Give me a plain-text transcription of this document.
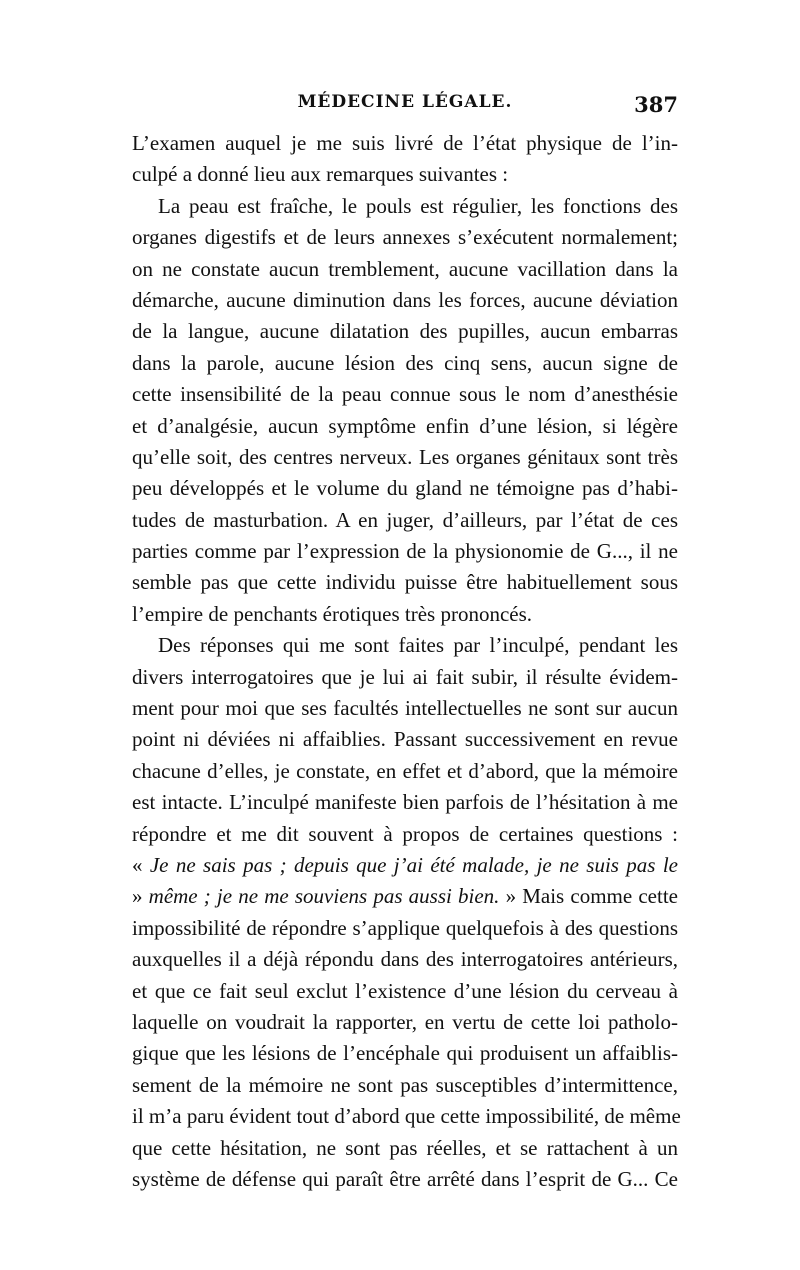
MÉDECINE LÉGALE.	387
L’examen auquel je me suis livré de l’état physique de l’in-
culpé a donné lieu aux remarques suivantes :
La peau est fraîche, le pouls est régulier, les fonctions des
organes digestifs et de leurs annexes s’exécutent normalement;
on ne constate aucun tremblement, aucune vacillation dans la
démarche, aucune diminution dans les forces, aucune déviation
de la langue, aucune dilatation des pupilles, aucun embarras
dans la parole, aucune lésion des cinq sens, aucun signe de
cette insensibilité de la peau connue sous le nom d’anesthésie
et d’analgésie, aucun symptôme enfin d’une lésion, si légère
qu’elle soit, des centres nerveux. Les organes génitaux sont très
peu développés et le volume du gland ne témoigne pas d’habi-
tudes de masturbation. A en juger, d’ailleurs, par l’état de ces
parties comme par l’expression de la physionomie de G..., il ne
semble pas que cette individu puisse être habituellement sous
l’empire de penchants érotiques très prononcés.
Des réponses qui me sont faites par l’inculpé, pendant les
divers interrogatoires que je lui ai fait subir, il résulte évidem-
ment pour moi que ses facultés intellectuelles ne sont sur aucun
point ni déviées ni affaiblies. Passant successivement en revue
chacune d’elles, je constate, en effet et d’abord, que la mémoire
est intacte. L’inculpé manifeste bien parfois de l’hésitation à me
répondre et me dit souvent à propos de certaines questions :
« Je ne sais pas ; depuis que j’ai été malade, je ne suis pas le
» même ; je ne me souviens pas aussi bien. » Mais comme cette
impossibilité de répondre s’applique quelquefois à des questions
auxquelles il a déjà répondu dans des interrogatoires antérieurs,
et que ce fait seul exclut l’existence d’une lésion du cerveau à
laquelle on voudrait la rapporter, en vertu de cette loi patholo-
gique que les lésions de l’encéphale qui produisent un affaiblis-
sement de la mémoire ne sont pas susceptibles d’intermittence,
il m’a paru évident tout d’abord que cette impossibilité, de même
que cette hésitation, ne sont pas réelles, et se rattachent à un
système de défense qui paraît être arrêté dans l’esprit de G... Ce
